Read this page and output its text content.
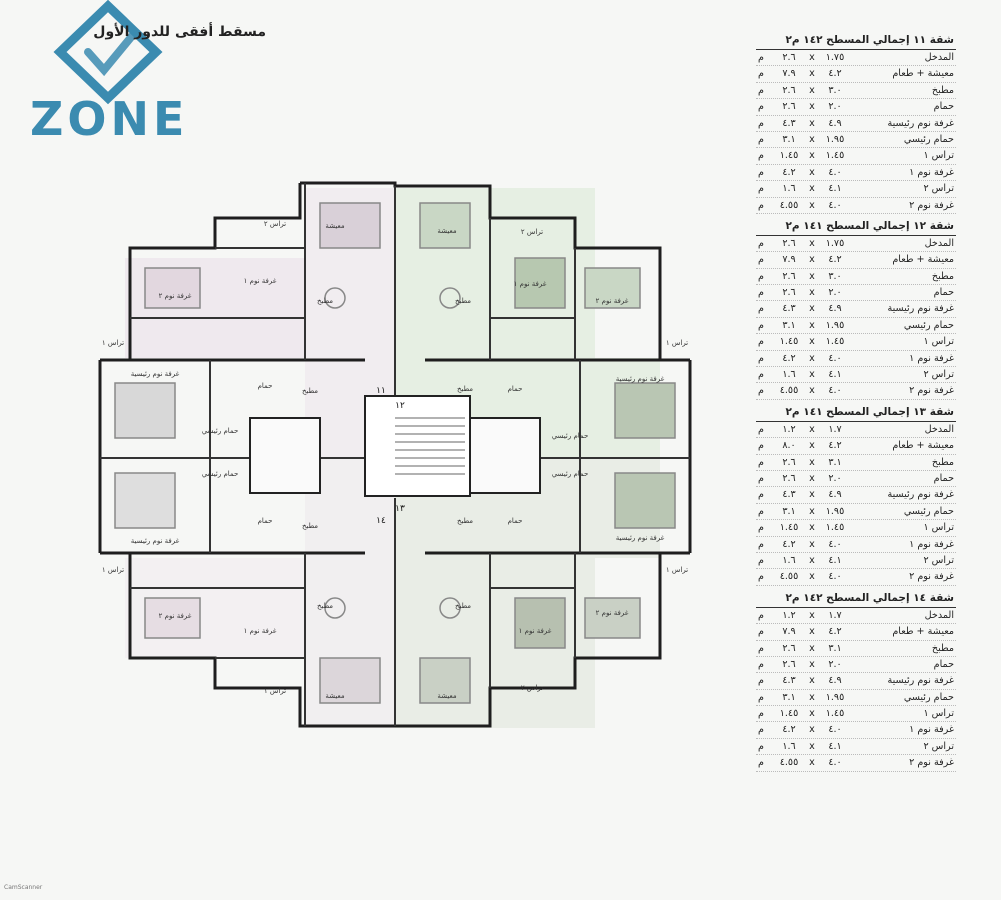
ZONE
مسقط أفقى للدور الأول
معيشة
مطبخ
غرفة نوم ١
غرفة نوم ٢
تراس ٢
تراس ١
غرفة نوم رئيسية
حمام رئيسي
حمام
مطبخ
معيشة
مطبخ
غرفة نوم ١
غرفة نوم ٢
تراس ١
تراس ١
غرفة نوم رئيسية
حمام رئيسي
حمام
مطبخ
معيشة
مطبخ
غرفة نوم ١
غرفة نوم ٢
تراس ٢
تراس ١
غرفة نوم رئيسية
حمام رئيسي
حمام
مطبخ
معيشة
مطبخ
غرفة نوم ١
غرفة نوم ٢
تراس ٢
تراس ١
غرفة نوم رئيسية
حمام رئيسي
حمام
مطبخ
١١
١٢
١٣
١٤
شقة ١١ إجمالي المسطح ١٤٢ م٢
م	٢.٦	x	١.٧٥	المدخل
م	٧.٩	x	٤.٢	معيشة + طعام
م	٢.٦	x	٣.٠	مطبخ
م	٢.٦	x	٢.٠	حمام
م	٤.٣	x	٤.٩	غرفة نوم رئيسية
م	٣.١	x	١.٩٥	حمام رئيسي
م	١.٤٥	x	١.٤٥	تراس ١
م	٤.٢	x	٤.٠	غرفة نوم ١
م	١.٦	x	٤.١	تراس ٢
م	٤.٥٥	x	٤.٠	غرفة نوم ٢
شقة ١٢ إجمالي المسطح ١٤١ م٢
م	٢.٦	x	١.٧٥	المدخل
م	٧.٩	x	٤.٢	معيشة + طعام
م	٢.٦	x	٣.٠	مطبخ
م	٢.٦	x	٢.٠	حمام
م	٤.٣	x	٤.٩	غرفة نوم رئيسية
م	٣.١	x	١.٩٥	حمام رئيسي
م	١.٤٥	x	١.٤٥	تراس ١
م	٤.٢	x	٤.٠	غرفة نوم ١
م	١.٦	x	٤.١	تراس ٢
م	٤.٥٥	x	٤.٠	غرفة نوم ٢
شقة ١٣ إجمالي المسطح ١٤١ م٢
م	١.٢	x	١.٧	المدخل
م	٨.٠	x	٤.٢	معيشة + طعام
م	٢.٦	x	٣.١	مطبخ
م	٢.٦	x	٢.٠	حمام
م	٤.٣	x	٤.٩	غرفة نوم رئيسية
م	٣.١	x	١.٩٥	حمام رئيسي
م	١.٤٥	x	١.٤٥	تراس ١
م	٤.٢	x	٤.٠	غرفة نوم ١
م	١.٦	x	٤.١	تراس ٢
م	٤.٥٥	x	٤.٠	غرفة نوم ٢
شقة ١٤ إجمالي المسطح ١٤٢ م٢
م	١.٢	x	١.٧	المدخل
م	٧.٩	x	٤.٢	معيشة + طعام
م	٢.٦	x	٣.١	مطبخ
م	٢.٦	x	٢.٠	حمام
م	٤.٣	x	٤.٩	غرفة نوم رئيسية
م	٣.١	x	١.٩٥	حمام رئيسي
م	١.٤٥	x	١.٤٥	تراس ١
م	٤.٢	x	٤.٠	غرفة نوم ١
م	١.٦	x	٤.١	تراس ٢
م	٤.٥٥	x	٤.٠	غرفة نوم ٢
CamScanner
